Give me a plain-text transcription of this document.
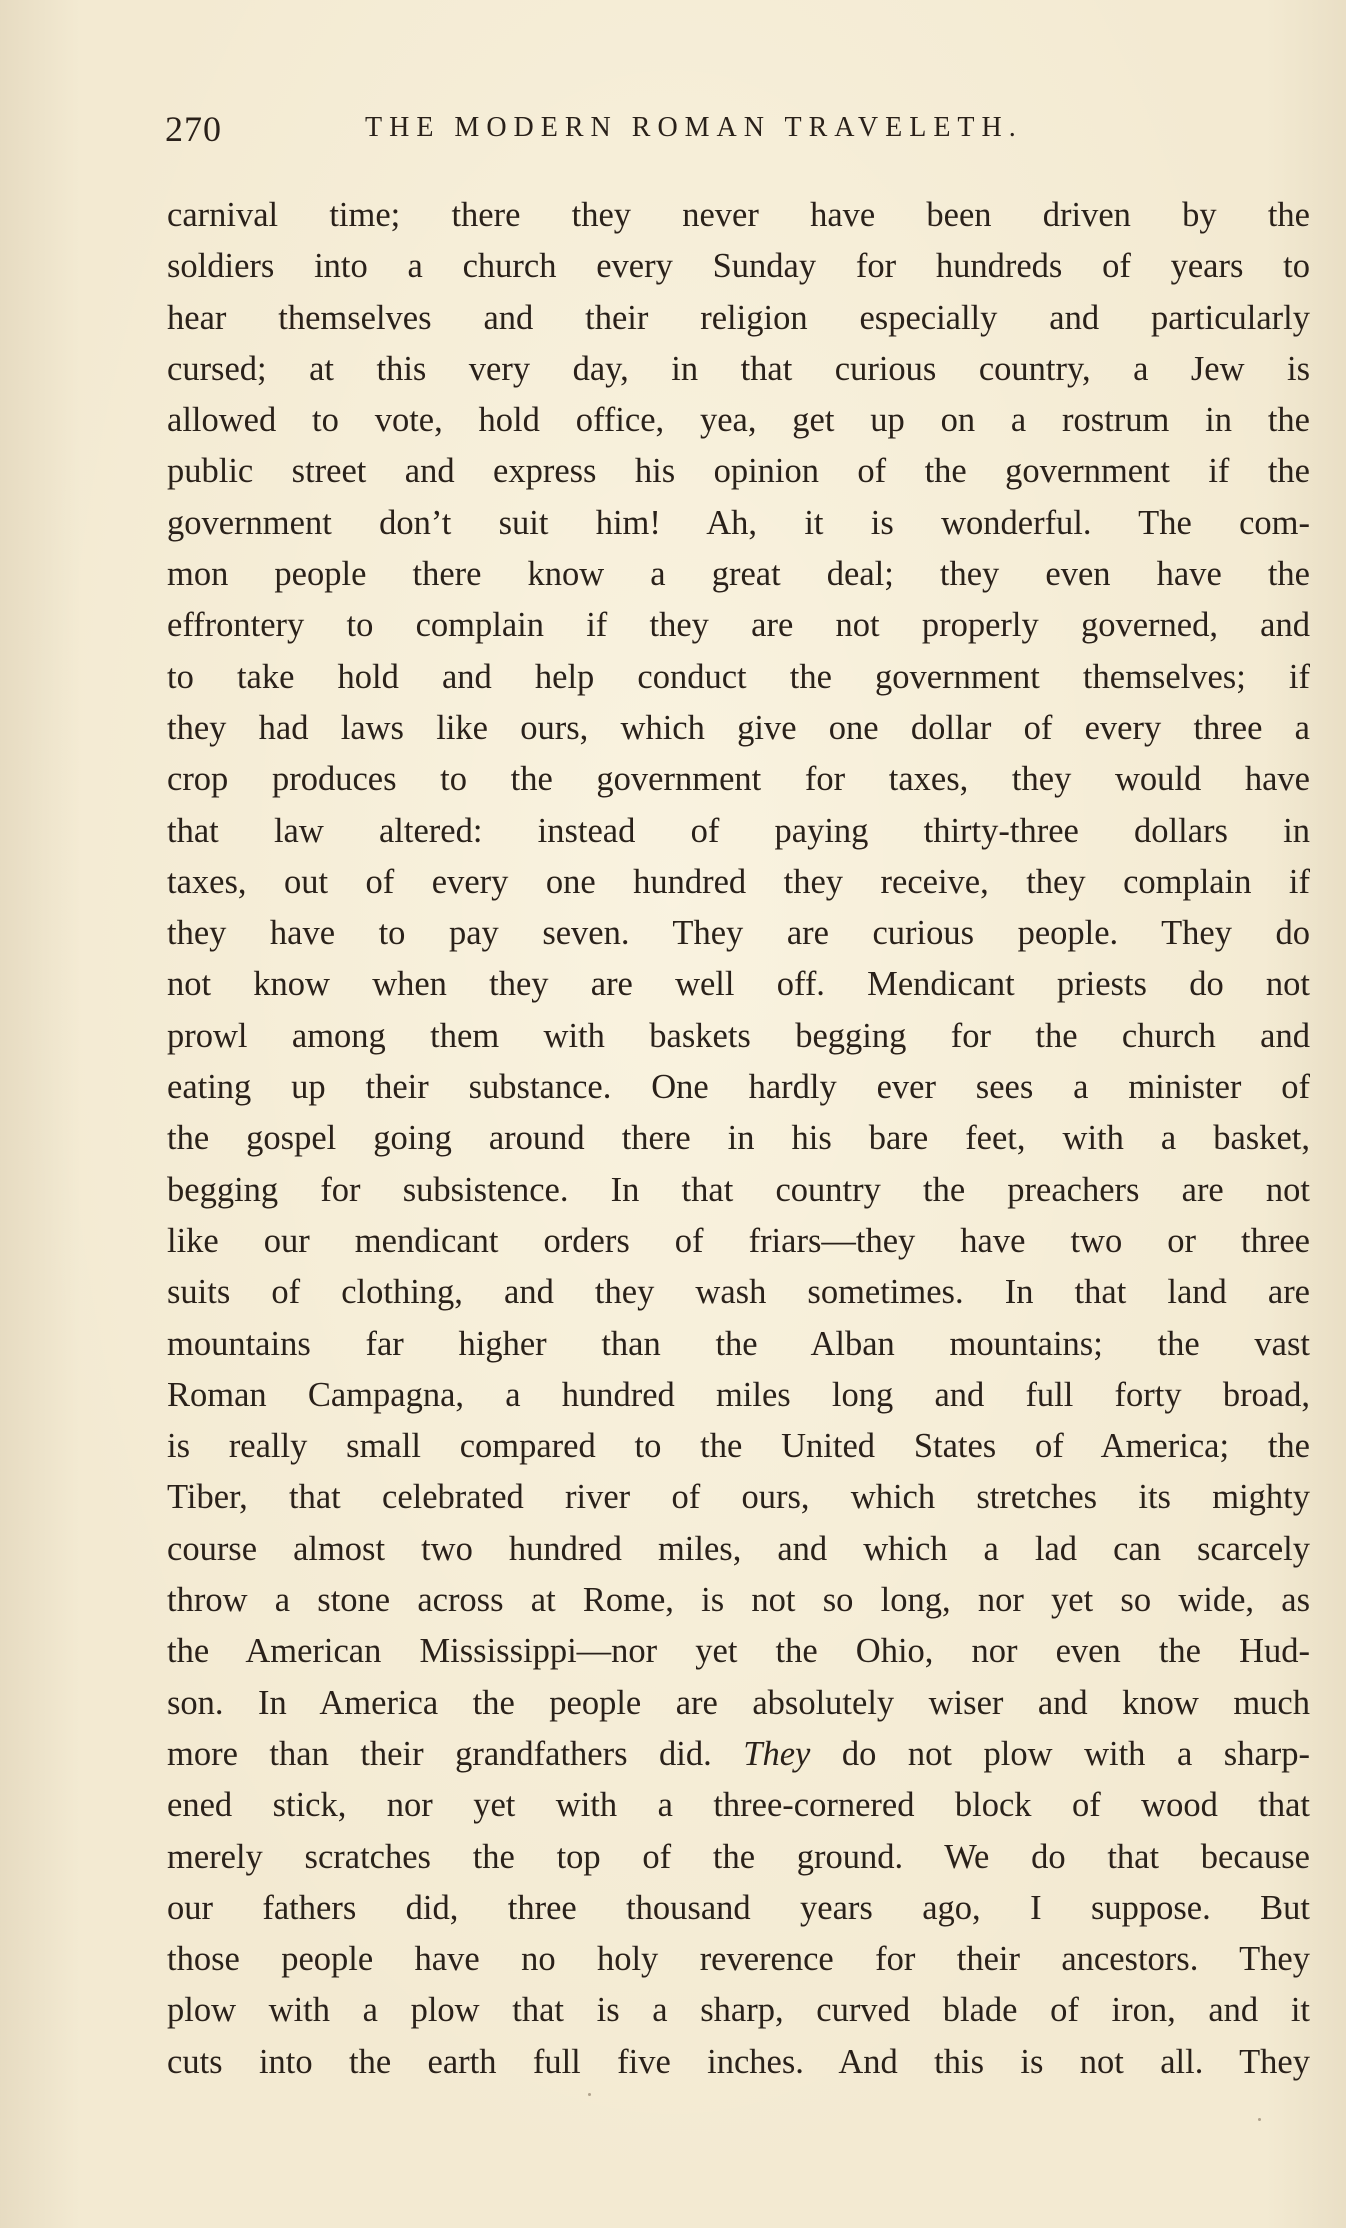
270	THE MODERN ROMAN TRAVELETH.
carnival time; there they never have been driven by the
soldiers into a church every Sunday for hundreds of years to
hear themselves and their religion especially and particularly
cursed; at this very day, in that curious country, a Jew is
allowed to vote, hold office, yea, get up on a rostrum in the
public street and express his opinion of the government if the
government don’t suit him! Ah, it is wonderful. The com-
mon people there know a great deal; they even have the
effrontery to complain if they are not properly governed, and
to take hold and help conduct the government themselves; if
they had laws like ours, which give one dollar of every three a
crop produces to the government for taxes, they would have
that law altered: instead of paying thirty-three dollars in
taxes, out of every one hundred they receive, they complain if
they have to pay seven. They are curious people. They do
not know when they are well off. Mendicant priests do not
prowl among them with baskets begging for the church and
eating up their substance. One hardly ever sees a minister of
the gospel going around there in his bare feet, with a basket,
begging for subsistence. In that country the preachers are not
like our mendicant orders of friars—they have two or three
suits of clothing, and they wash sometimes. In that land are
mountains far higher than the Alban mountains; the vast
Roman Campagna, a hundred miles long and full forty broad,
is really small compared to the United States of America; the
Tiber, that celebrated river of ours, which stretches its mighty
course almost two hundred miles, and which a lad can scarcely
throw a stone across at Rome, is not so long, nor yet so wide, as
the American Mississippi—nor yet the Ohio, nor even the Hud-
son. In America the people are absolutely wiser and know much
more than their grandfathers did. They do not plow with a sharp-
ened stick, nor yet with a three-cornered block of wood that
merely scratches the top of the ground. We do that because
our fathers did, three thousand years ago, I suppose. But
those people have no holy reverence for their ancestors. They
plow with a plow that is a sharp, curved blade of iron, and it
cuts into the earth full five inches. And this is not all. They
